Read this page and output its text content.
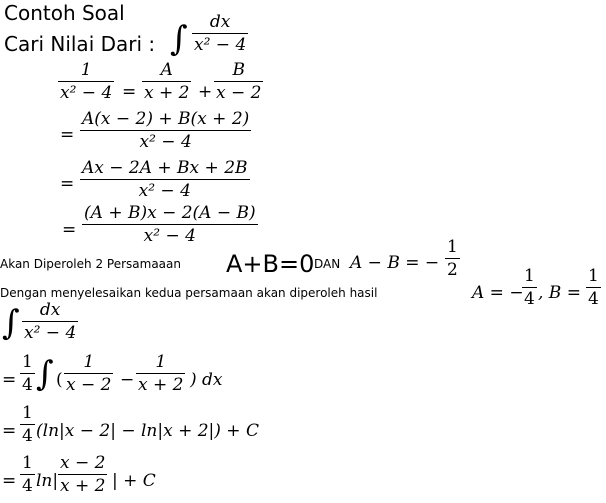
Contoh Soal
Cari Nilai Dari : ∫ $\frac{dx}{\text{x² − 4}}$
$\frac{1}{\text{x² − 4}} = \frac{A}{x + 2} + \frac{B}{x - 2}$
= $\frac{A(x - 2) + B(x + 2)}{\text{x² − 4}}$
= $\frac{Ax - 2A + Bx + 2B}{\text{x² − 4}}$
= $\frac{(A + B)x - 2(A - B)}{\text{x² − 4}}$
Akan Diperoleh 2 Persamaaan A+B=0 DAN A − B = − $\frac{1}{2}$
Dengan menyelesaikan kedua persamaan akan diperoleh hasil	A = −
$\frac{1}{4}$ , $B = \frac{1}{4}$
∫ $\frac{dx}{\text{x² − 4}}$
= $\frac{1}{4}$ ∫ ( $\frac{1}{x - 2} - \frac{1}{x + 2}$ ) dx
= $\frac{1}{4} (\ln|x - 2| - \ln|x + 2|) + C$
= $\frac{1}{4} \ln| \frac{x - 2}{x + 2}$ | + C
